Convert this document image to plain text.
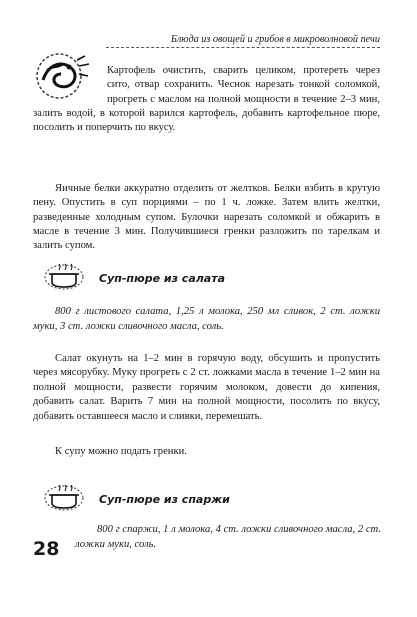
Блюда из овощей и грибов в микроволновой печи

Картофель очистить, сварить целиком, протереть через сито, отвар сохранить. Чеснок нарезать тонкой соломкой, прогреть с маслом на полной мощности в течение 2–3 мин, залить водой, в которой варился картофель, добавить картофельное пюре, посолить и поперчить по вкусу.

Яичные белки аккуратно отделить от желтков. Белки взбить в крутую пену. Опустить в суп порциями – по 1 ч. ложке. Затем влить желтки, разведенные холодным супом. Булочки нарезать соломкой и обжарить в масле в течение 3 мин. Получившиеся гренки разложить по тарелкам и залить супом.

Суп-пюре из салата

800 г листового салата, 1,25 л молока, 250 мл сливок, 2 ст. ложки муки, 3 ст. ложки сливочного масла, соль.

Салат окунуть на 1–2 мин в горячую воду, обсушить и пропустить через мясорубку. Муку прогреть с 2 ст. ложками масла в течение 1–2 мин на полной мощности, развести горячим молоком, довести до кипения, добавить салат. Варить 7 мин на полной мощности, посолить по вкусу, добавить оставшееся масло и сливки, перемешать.

К супу можно подать гренки.

Суп-пюре из спаржи
28

800 г спаржи, 1 л молока, 4 ст. ложки сливочного масла, 2 ст. ложки муки, соль.
